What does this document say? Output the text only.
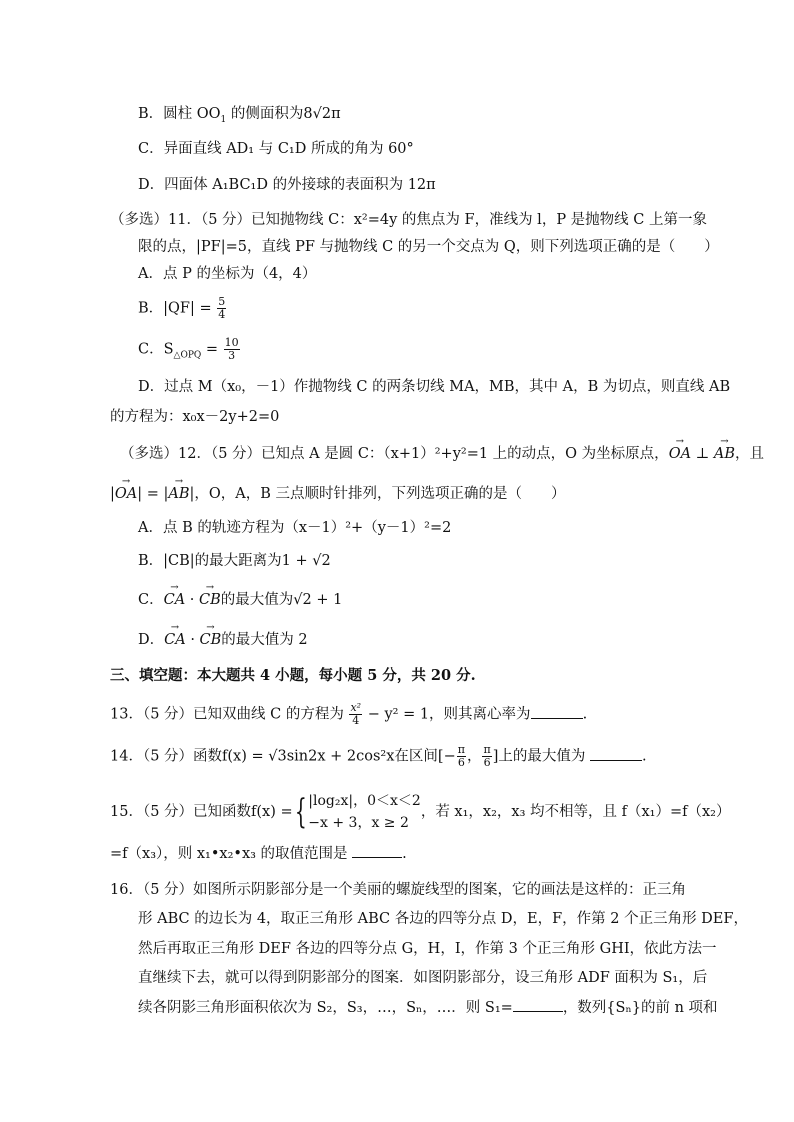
B．圆柱 $OO_1$ 的侧面积为8√2π
C．异面直线 AD₁ 与 C₁D 所成的角为 60°
D．四面体 A₁BC₁D 的外接球的表面积为 12π
（多选）11．（5 分）已知抛物线 C：x²=4y 的焦点为 F，准线为 l，P 是抛物线 C 上第一象
限的点，|PF|=5，直线 PF 与抛物线 C 的另一个交点为 Q，则下列选项正确的是（　　）
A．点 P 的坐标为（4，4）
B．$|QF| = \frac{5}{4}$
C．$S_{\triangle OPQ} = \frac{10}{3}$
D．过点 M（x₀，－1）作抛物线 C 的两条切线 MA，MB，其中 A，B 为切点，则直线 AB
的方程为：x₀x－2y+2=0
（多选）12．（5 分）已知点 A 是圆 C：（x+1）²+y²=1 上的动点，O 为坐标原点，→ OA ⊥ → AB，且
|→ OA| = |→ AB|，O，A，B 三点顺时针排列，下列选项正确的是（　　）
A．点 B 的轨迹方程为（x－1）²+（y－1）²=2
B．|CB|的最大距离为1 + √2
C．→ CA · → CB的最大值为√2 + 1
D．→ CA · → CB的最大值为 2
三、填空题：本大题共 4 小题，每小题 5 分，共 20 分.
13．（5 分）已知双曲线 C 的方程为 $\frac{\text{x²}}{4} - y^2 = 1$，则其离心率为	.
14．（5 分）函数f(x) = √3sin2x + 2cos²x在区间[− $\frac{\pi}{6}$ ， $\frac{\pi}{6}$ ]上的最大值为	.
15．（5 分）已知函数f(x) ={ |log₂x|，0＜x＜2
−x + 3，x ≥ 2
，若 x₁，x₂，x₃ 均不相等，且 f（x₁）=f（x₂）
=f（x₃），则 x₁•x₂•x₃ 的取值范围是	.
16．（5 分）如图所示阴影部分是一个美丽的螺旋线型的图案，它的画法是这样的：正三角
形 ABC 的边长为 4，取正三角形 ABC 各边的四等分点 D，E，F，作第 2 个正三角形 DEF，
然后再取正三角形 DEF 各边的四等分点 G，H，I，作第 3 个正三角形 GHI，依此方法一
直继续下去，就可以得到阴影部分的图案．如图阴影部分，设三角形 ADF 面积为 S₁，后
续各阴影三角形面积依次为 S₂，S₃，…，Sₙ，…．则 S₁=	，数列{Sₙ}的前 n 项和
